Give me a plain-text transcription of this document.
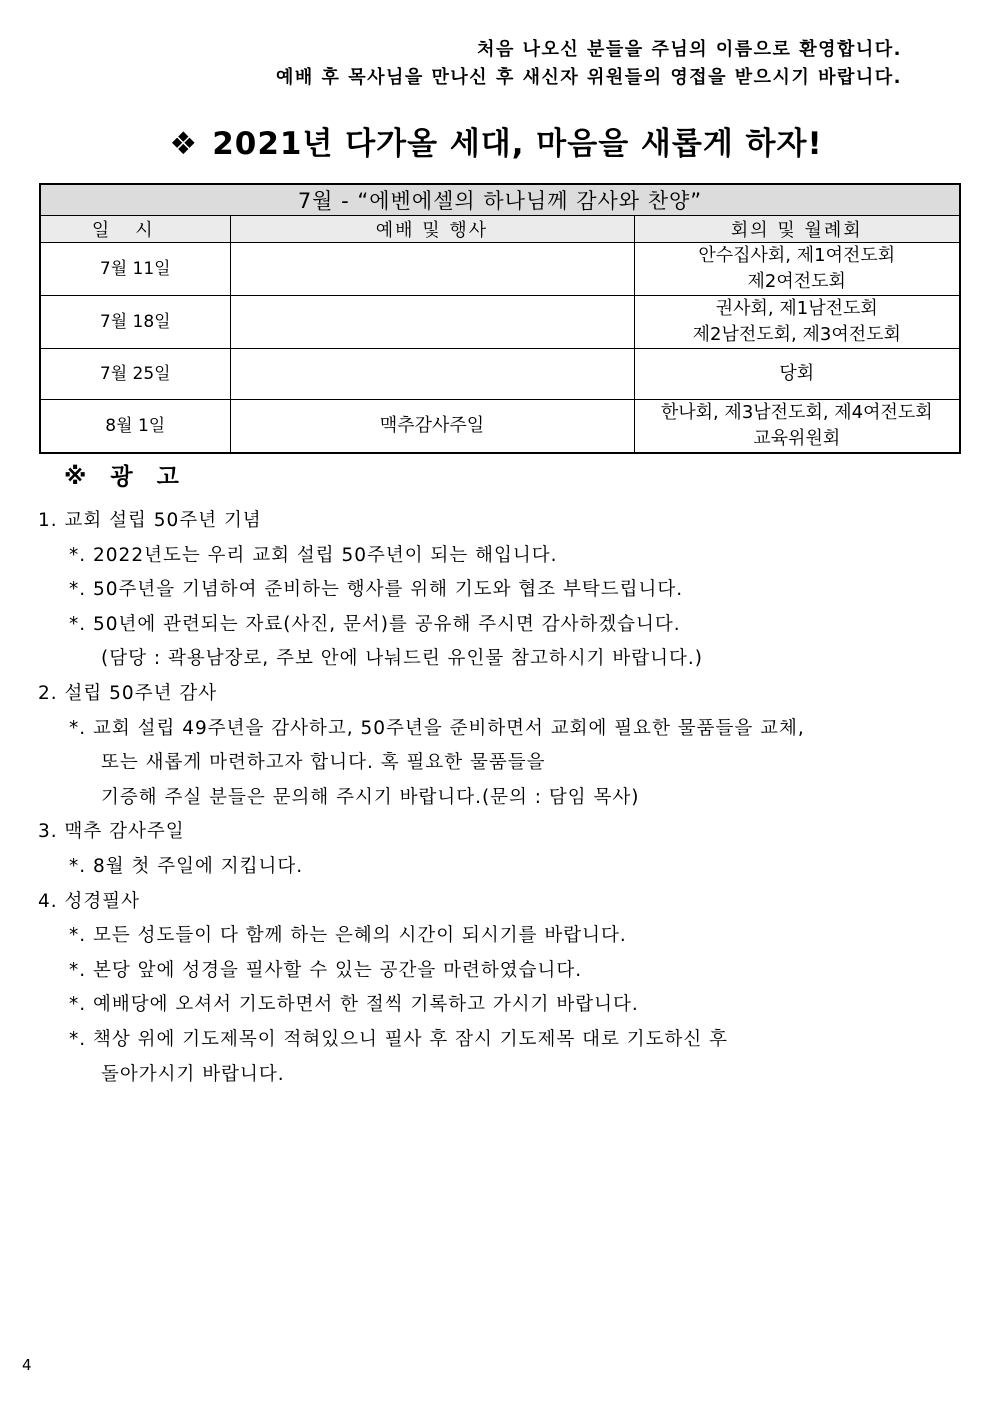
처음 나오신 분들을 주님의 이름으로 환영합니다.
예배 후 목사님을 만나신 후 새신자 위원들의 영접을 받으시기 바랍니다.
❖ 2021년 다가올 세대, 마음을 새롭게 하자!
7월 - “에벤에셀의 하나님께 감사와 찬양”		
일시	예배 및 행사	회의 및 월례회
7월 11일		안수집사회, 제1여전도회
제2여전도회

7월 18일		권사회, 제1남전도회
제2남전도회, 제3여전도회

7월 25일		당회

8월 1일	맥추감사주일	한나회, 제3남전도회, 제4여전도회
교육위원회
※ 광 고
1. 교회 설립 50주년 기념
*. 2022년도는 우리 교회 설립 50주년이 되는 해입니다.
*. 50주년을 기념하여 준비하는 행사를 위해 기도와 협조 부탁드립니다.
*. 50년에 관련되는 자료(사진, 문서)를 공유해 주시면 감사하겠습니다.
(담당 : 곽용남장로, 주보 안에 나눠드린 유인물 참고하시기 바랍니다.)
2. 설립 50주년 감사
*. 교회 설립 49주년을 감사하고, 50주년을 준비하면서 교회에 필요한 물품들을 교체,
또는 새롭게 마련하고자 합니다. 혹 필요한 물품들을
기증해 주실 분들은 문의해 주시기 바랍니다.(문의 : 담임 목사)
3. 맥추 감사주일
*. 8월 첫 주일에 지킵니다.
4. 성경필사
*. 모든 성도들이 다 함께 하는 은혜의 시간이 되시기를 바랍니다.
*. 본당 앞에 성경을 필사할 수 있는 공간을 마련하였습니다.
*. 예배당에 오셔서 기도하면서 한 절씩 기록하고 가시기 바랍니다.
*. 책상 위에 기도제목이 적혀있으니 필사 후 잠시 기도제목 대로 기도하신 후
돌아가시기 바랍니다.
4
